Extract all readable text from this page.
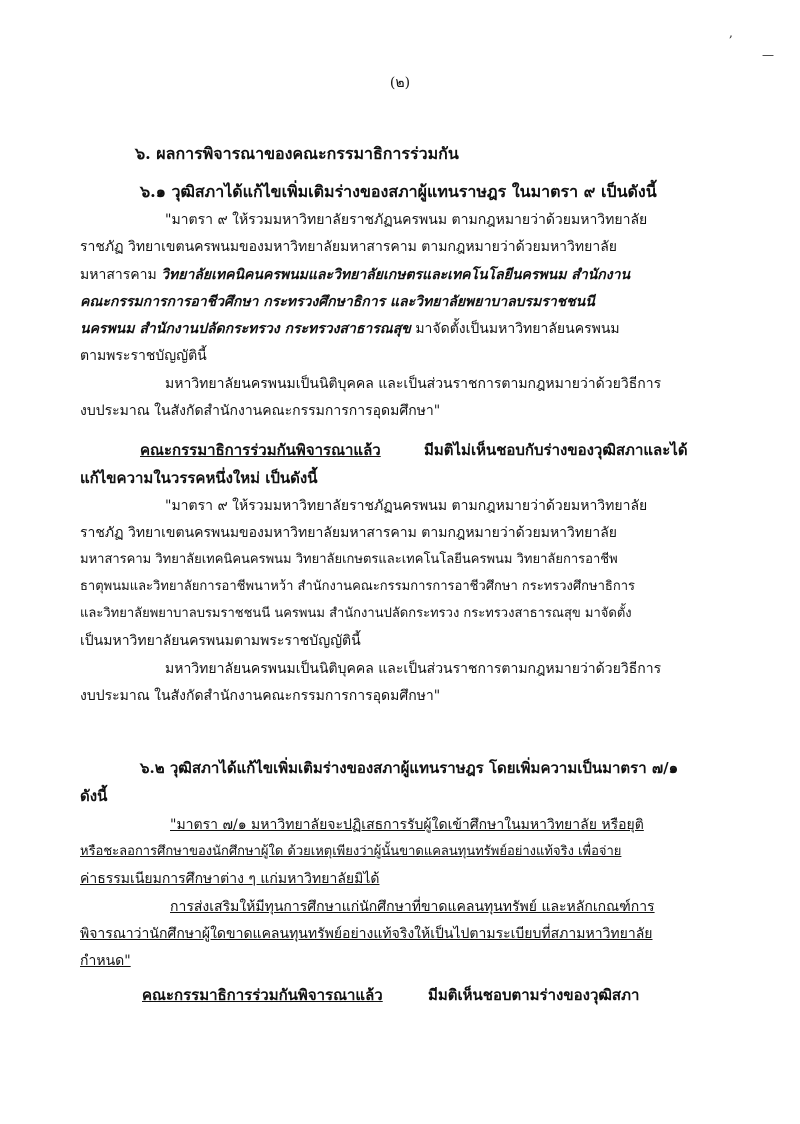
,
—
(๒)
๖. ผลการพิจารณาของคณะกรรมาธิการร่วมกัน
๖.๑ วุฒิสภาได้แก้ไขเพิ่มเติมร่างของสภาผู้แทนราษฎร ในมาตรา ๙ เป็นดังนี้
"มาตรา ๙ ให้รวมมหาวิทยาลัยราชภัฏนครพนม ตามกฎหมายว่าด้วยมหาวิทยาลัย
ราชภัฏ วิทยาเขตนครพนมของมหาวิทยาลัยมหาสารคาม ตามกฎหมายว่าด้วยมหาวิทยาลัย
มหาสารคาม วิทยาลัยเทคนิคนครพนมและวิทยาลัยเกษตรและเทคโนโลยีนครพนม สำนักงาน
คณะกรรมการการอาชีวศึกษา กระทรวงศึกษาธิการ และวิทยาลัยพยาบาลบรมราชชนนี
นครพนม สำนักงานปลัดกระทรวง กระทรวงสาธารณสุข มาจัดตั้งเป็นมหาวิทยาลัยนครพนม
ตามพระราชบัญญัตินี้
มหาวิทยาลัยนครพนมเป็นนิติบุคคล และเป็นส่วนราชการตามกฎหมายว่าด้วยวิธีการ
งบประมาณ ในสังกัดสำนักงานคณะกรรมการการอุดมศึกษา"
คณะกรรมาธิการร่วมกันพิจารณาแล้ว	มีมติไม่เห็นชอบกับร่างของวุฒิสภาและได้
แก้ไขความในวรรคหนึ่งใหม่ เป็นดังนี้
"มาตรา ๙ ให้รวมมหาวิทยาลัยราชภัฏนครพนม ตามกฎหมายว่าด้วยมหาวิทยาลัย
ราชภัฏ วิทยาเขตนครพนมของมหาวิทยาลัยมหาสารคาม ตามกฎหมายว่าด้วยมหาวิทยาลัย
มหาสารคาม วิทยาลัยเทคนิคนครพนม วิทยาลัยเกษตรและเทคโนโลยีนครพนม วิทยาลัยการอาชีพ
ธาตุพนมและวิทยาลัยการอาชีพนาหว้า สำนักงานคณะกรรมการการอาชีวศึกษา กระทรวงศึกษาธิการ
และวิทยาลัยพยาบาลบรมราชชนนี นครพนม สำนักงานปลัดกระทรวง กระทรวงสาธารณสุข มาจัดตั้ง
เป็นมหาวิทยาลัยนครพนมตามพระราชบัญญัตินี้
มหาวิทยาลัยนครพนมเป็นนิติบุคคล และเป็นส่วนราชการตามกฎหมายว่าด้วยวิธีการ
งบประมาณ ในสังกัดสำนักงานคณะกรรมการการอุดมศึกษา"
๖.๒ วุฒิสภาได้แก้ไขเพิ่มเติมร่างของสภาผู้แทนราษฎร โดยเพิ่มความเป็นมาตรา ๗/๑
ดังนี้
"มาตรา ๗/๑ มหาวิทยาลัยจะปฏิเสธการรับผู้ใดเข้าศึกษาในมหาวิทยาลัย หรือยุติ
หรือชะลอการศึกษาของนักศึกษาผู้ใด ด้วยเหตุเพียงว่าผู้นั้นขาดแคลนทุนทรัพย์อย่างแท้จริง เพื่อจ่าย
ค่าธรรมเนียมการศึกษาต่าง ๆ แก่มหาวิทยาลัยมิได้
การส่งเสริมให้มีทุนการศึกษาแก่นักศึกษาที่ขาดแคลนทุนทรัพย์ และหลักเกณฑ์การ
พิจารณาว่านักศึกษาผู้ใดขาดแคลนทุนทรัพย์อย่างแท้จริงให้เป็นไปตามระเบียบที่สภามหาวิทยาลัย
กำหนด"
คณะกรรมาธิการร่วมกันพิจารณาแล้ว	มีมติเห็นชอบตามร่างของวุฒิสภา
